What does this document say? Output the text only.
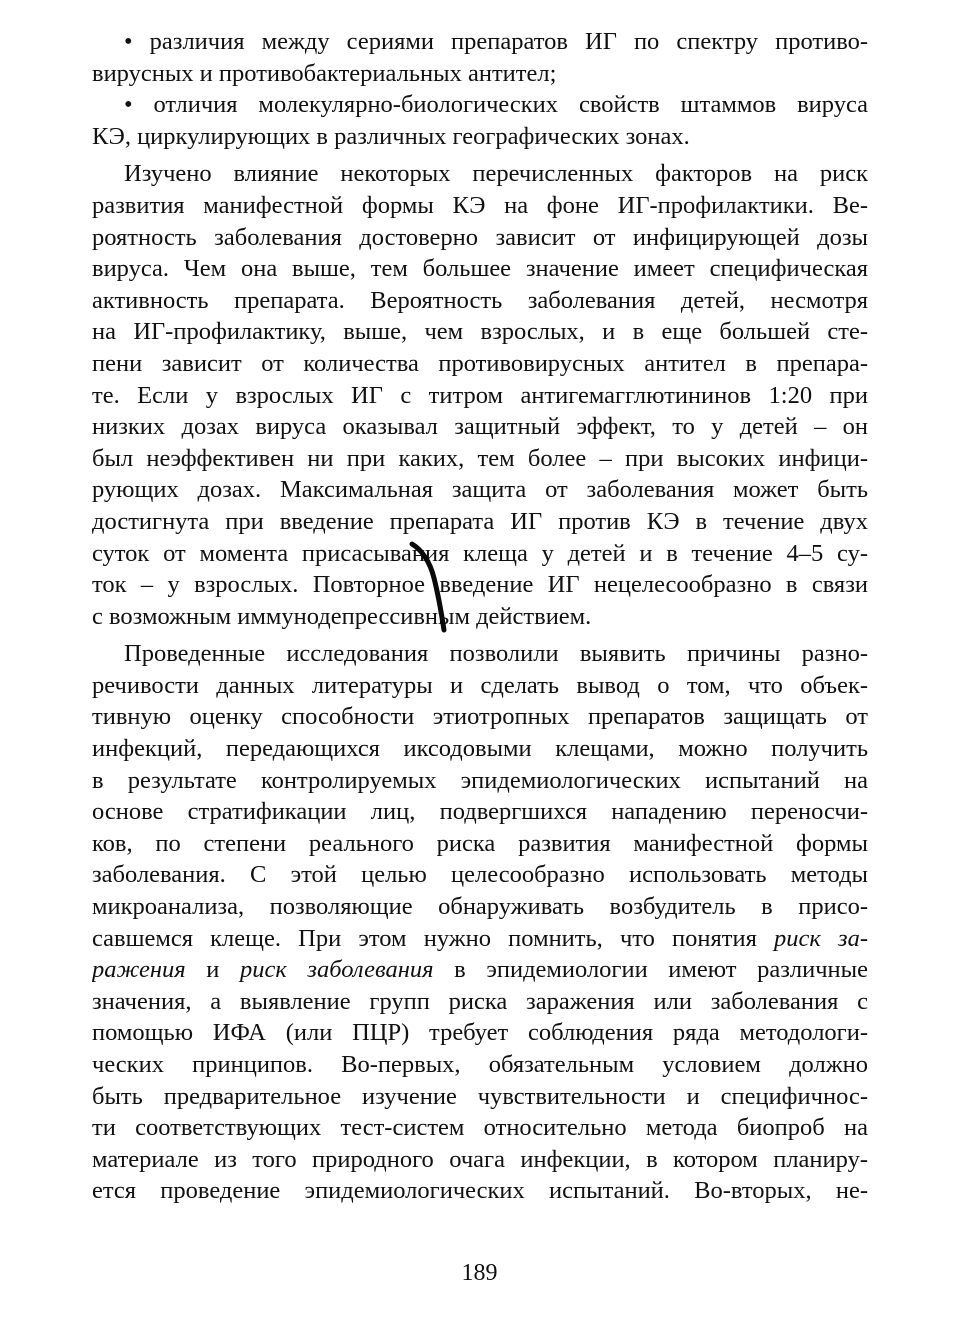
• различия между сериями препаратов ИГ по спектру противо-
вирусных и противобактериальных антител;
• отличия молекулярно-биологических свойств штаммов вируса
КЭ, циркулирующих в различных географических зонах.
Изучено влияние некоторых перечисленных факторов на риск
развития манифестной формы КЭ на фоне ИГ-профилактики. Ве-
роятность заболевания достоверно зависит от инфицирующей дозы
вируса. Чем она выше, тем большее значение имеет специфическая
активность препарата. Вероятность заболевания детей, несмотря
на ИГ-профилактику, выше, чем взрослых, и в еще большей сте-
пени зависит от количества противовирусных антител в препара-
те. Если у взрослых ИГ с титром антигемагглютининов 1:20 при
низких дозах вируса оказывал защитный эффект, то у детей – он
был неэффективен ни при каких, тем более – при высоких инфици-
рующих дозах. Максимальная защита от заболевания может быть
достигнута при введение препарата ИГ против КЭ в течение двух
суток от момента присасывания клеща у детей и в течение 4–5 су-
ток – у взрослых. Повторное введение ИГ нецелесообразно в связи
с возможным иммунодепрессивным действием.
Проведенные исследования позволили выявить причины разно-
речивости данных литературы и сделать вывод о том, что объек-
тивную оценку способности этиотропных препаратов защищать от
инфекций, передающихся иксодовыми клещами, можно получить
в результате контролируемых эпидемиологических испытаний на
основе стратификации лиц, подвергшихся нападению переносчи-
ков, по степени реального риска развития манифестной формы
заболевания. С этой целью целесообразно использовать методы
микроанализа, позволяющие обнаруживать возбудитель в присо-
савшемся клеще. При этом нужно помнить, что понятия риск за-
ражения и риск заболевания в эпидемиологии имеют различные
значения, а выявление групп риска заражения или заболевания с
помощью ИФА (или ПЦР) требует соблюдения ряда методологи-
ческих принципов. Во-первых, обязательным условием должно
быть предварительное изучение чувствительности и специфичнос-
ти соответствующих тест-систем относительно метода биопроб на
материале из того природного очага инфекции, в котором планиру-
ется проведение эпидемиологических испытаний. Во-вторых, не-
189
